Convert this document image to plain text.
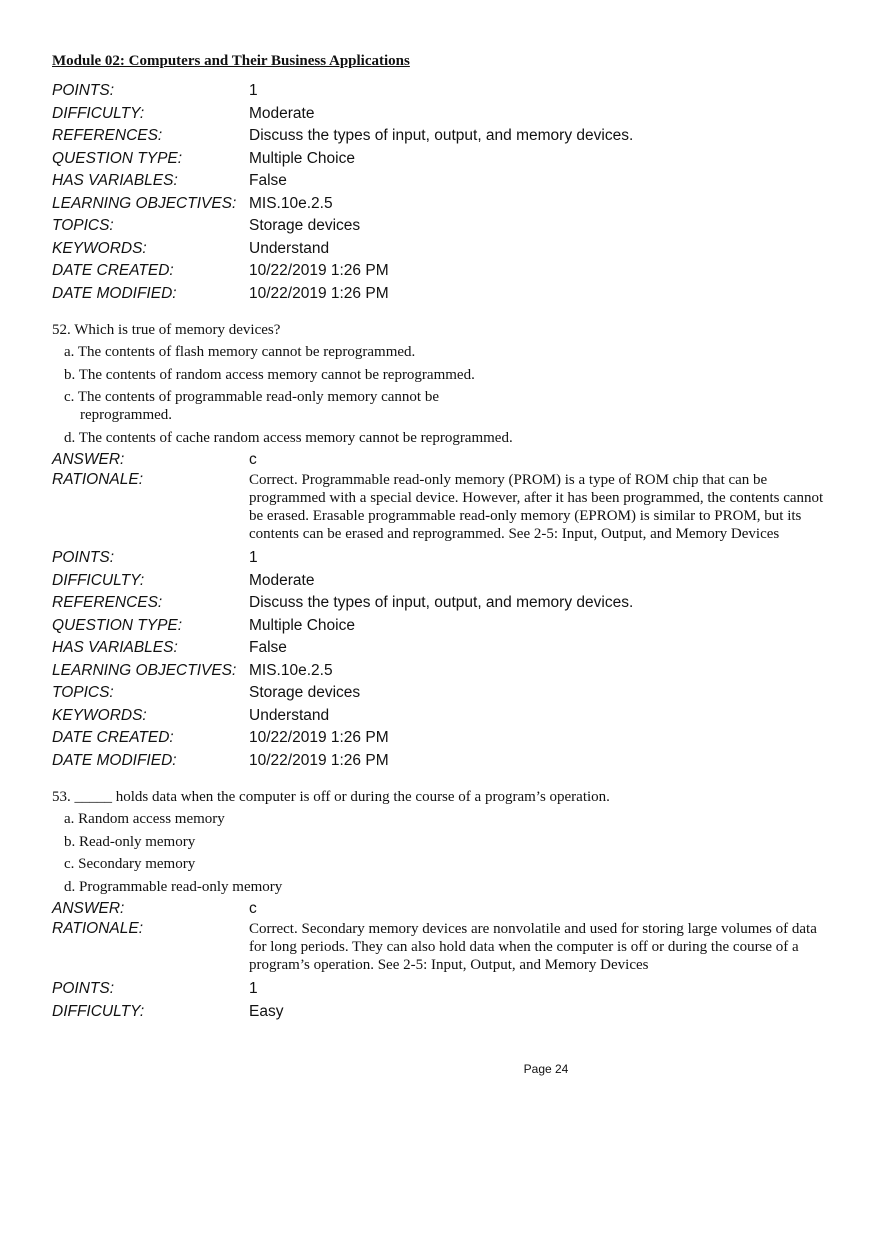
Module 02: Computers and Their Business Applications
POINTS:	1
DIFFICULTY:	Moderate
REFERENCES:	Discuss the types of input, output, and memory devices.
QUESTION TYPE:	Multiple Choice
HAS VARIABLES:	False
LEARNING OBJECTIVES: MIS.10e.2.5
TOPICS:	Storage devices
KEYWORDS:	Understand
DATE CREATED:	10/22/2019 1:26 PM
DATE MODIFIED:	10/22/2019 1:26 PM
52. Which is true of memory devices?
a. The contents of flash memory cannot be reprogrammed.
b. The contents of random access memory cannot be reprogrammed.
c. The contents of programmable read-only memory cannot be reprogrammed.
d. The contents of cache random access memory cannot be reprogrammed.
ANSWER:	c
RATIONALE:	Correct. Programmable read-only memory (PROM) is a type of ROM chip that can be programmed with a special device. However, after it has been programmed, the contents cannot be erased. Erasable programmable read-only memory (EPROM) is similar to PROM, but its contents can be erased and reprogrammed. See 2-5: Input, Output, and Memory Devices
POINTS:	1
DIFFICULTY:	Moderate
REFERENCES:	Discuss the types of input, output, and memory devices.
QUESTION TYPE:	Multiple Choice
HAS VARIABLES:	False
LEARNING OBJECTIVES: MIS.10e.2.5
TOPICS:	Storage devices
KEYWORDS:	Understand
DATE CREATED:	10/22/2019 1:26 PM
DATE MODIFIED:	10/22/2019 1:26 PM
53. _____ holds data when the computer is off or during the course of a program’s operation.
a. Random access memory
b. Read-only memory
c. Secondary memory
d. Programmable read-only memory
ANSWER:	c
RATIONALE:	Correct. Secondary memory devices are nonvolatile and used for storing large volumes of data for long periods. They can also hold data when the computer is off or during the course of a program’s operation. See 2-5: Input, Output, and Memory Devices
POINTS:	1
DIFFICULTY:	Easy
Page 24
